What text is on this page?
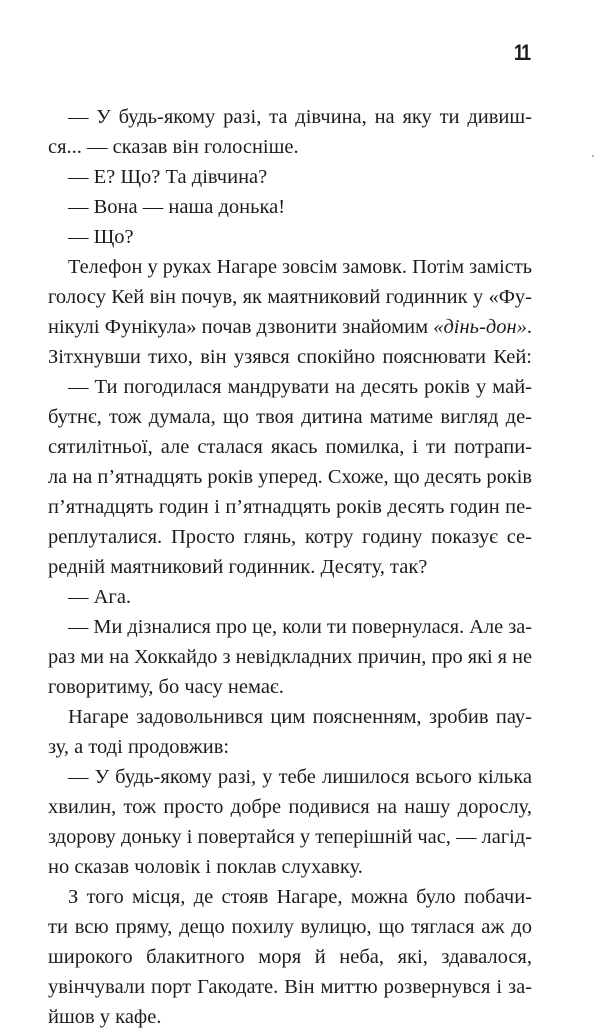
11
— У будь-якому разі, та дівчина, на яку ти дивиш-
ся... — сказав він голосніше.
— Е? Що? Та дівчина?
— Вона — наша донька!
— Що?
Телефон у руках Нагаре зовсім замовк. Потім замість
голосу Кей він почув, як маятниковий годинник у «Фу-
нікулі Фунікула» почав дзвонити знайомим «дінь-дон».
Зітхнувши тихо, він узявся спокійно пояснювати Кей:
— Ти погодилася мандрувати на десять років у май-
бутнє, тож думала, що твоя дитина матиме вигляд де-
сятилітньої, але сталася якась помилка, і ти потрапи-
ла на п’ятнадцять років уперед. Схоже, що десять років
п’ятнадцять годин і п’ятнадцять років десять годин пе-
реплуталися. Просто глянь, котру годину показує се-
редній маятниковий годинник. Десяту, так?
— Ага.
— Ми дізналися про це, коли ти повернулася. Але за-
раз ми на Хоккайдо з невідкладних причин, про які я не
говоритиму, бо часу немає.
Нагаре задовольнився цим поясненням, зробив пау-
зу, а тоді продовжив:
— У будь-якому разі, у тебе лишилося всього кілька
хвилин, тож просто добре подивися на нашу дорослу,
здорову доньку і повертайся у теперішній час, — лагід-
но сказав чоловік і поклав слухавку.
З того місця, де стояв Нагаре, можна було побачи-
ти всю пряму, дещо похилу вулицю, що тяглася аж до
широкого блакитного моря й неба, які, здавалося,
увінчували порт Гакодате. Він миттю розвернувся і за-
йшов у кафе.
